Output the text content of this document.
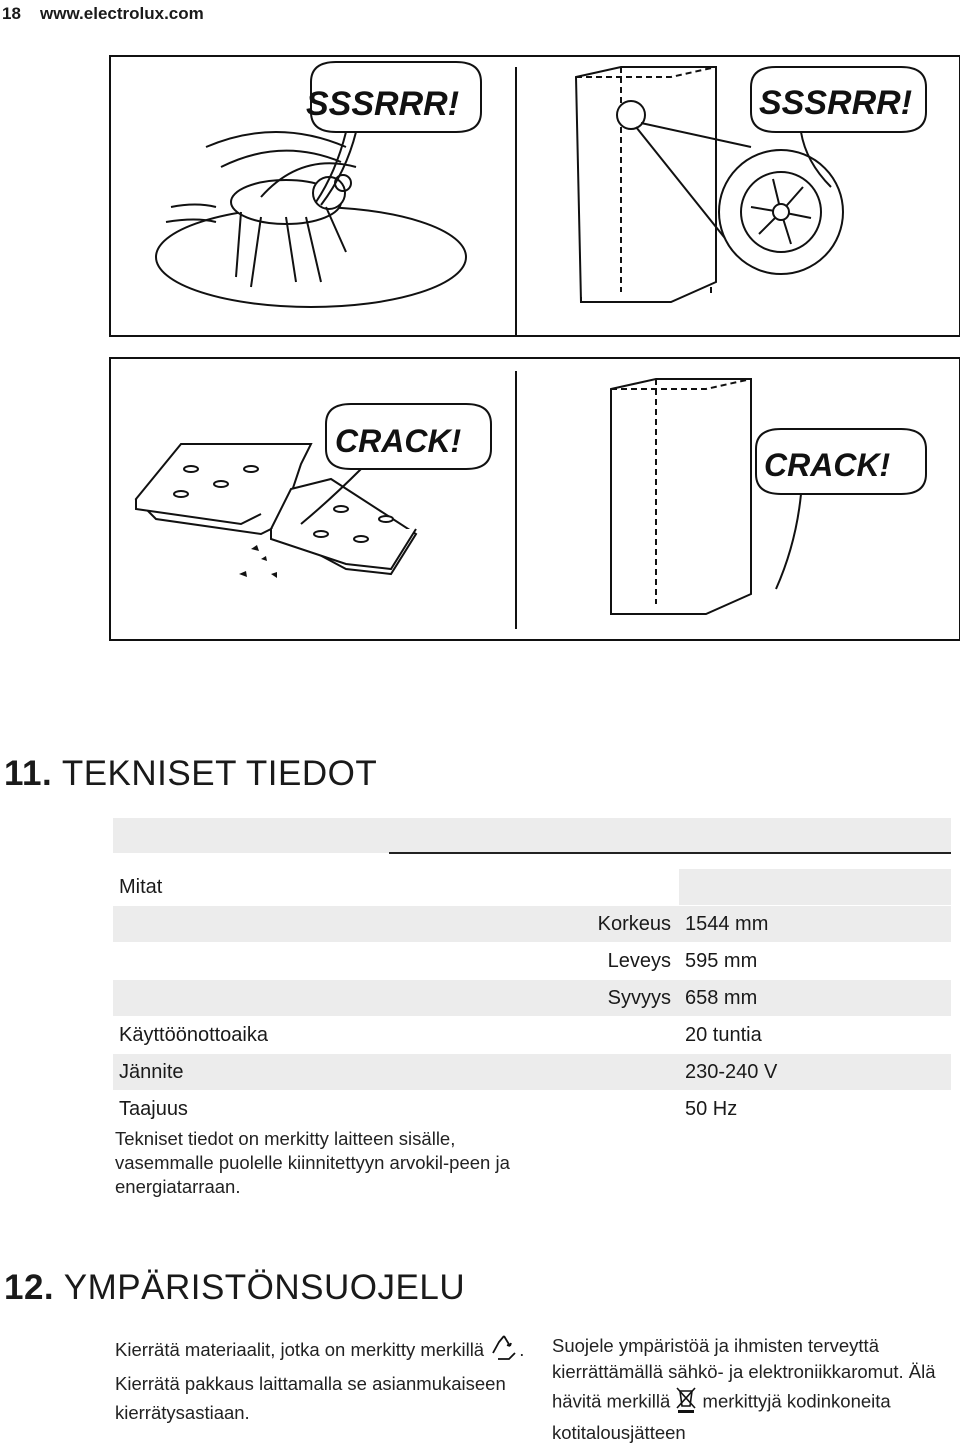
18 www.electrolux.com
SSSRRR!	SSSRRR!
CRACK!
CRACK!
11. TEKNISET TIEDOT

Mitat		
	Korkeus	1544 mm
	Leveys	595 mm
	Syvyys	658 mm
Käyttöönottoaika		20 tuntia
Jännite		230-240 V
Taajuus		50 Hz
Tekniset tiedot on merkitty laitteen sisälle, vasemmalle puolelle kiinnitettyyn arvokil-peen ja energiatarraan.
12. YMPÄRISTÖNSUOJELU
Kierrätä materiaalit, jotka on merkitty merkillä . Kierrätä pakkaus laittamalla se asianmukaiseen kierrätysastiaan.
Suojele ympäristöä ja ihmisten terveyttä kierrättämällä sähkö- ja elektroniikkaromut. Älä hävitä merkillä merkittyjä kodinkoneita kotitalousjätteen
